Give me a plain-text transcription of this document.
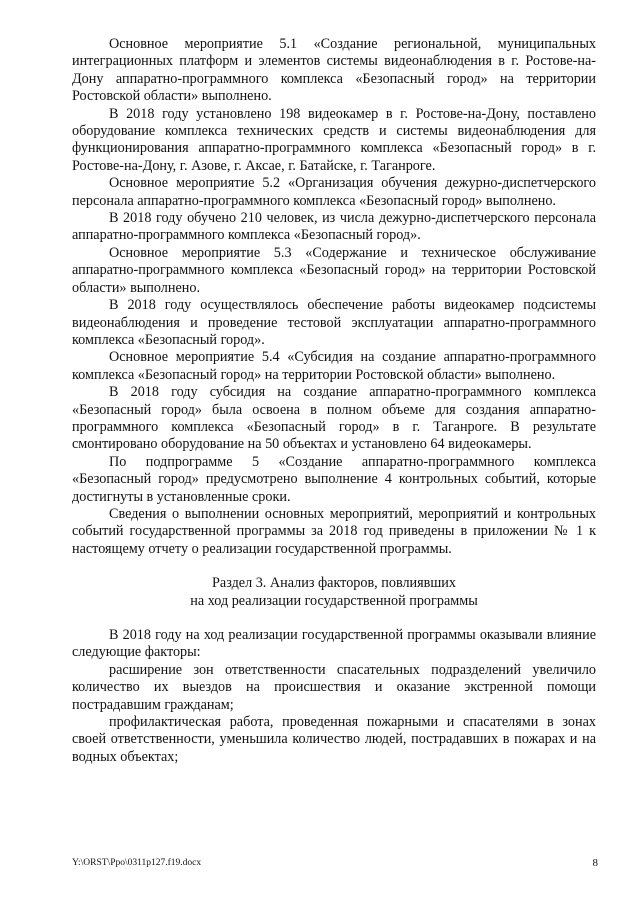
Основное мероприятие 5.1 «Создание региональной, муниципальных интеграционных платформ и элементов системы видеонаблюдения в г. Ростове-на-Дону аппаратно-программного комплекса «Безопасный город» на территории Ростовской области» выполнено.

В 2018 году установлено 198 видеокамер в г. Ростове-на-Дону, поставлено оборудование комплекса технических средств и системы видеонаблюдения для функционирования аппаратно-программного комплекса «Безопасный город» в г. Ростове-на-Дону, г. Азове, г. Аксае, г. Батайске, г. Таганроге.

Основное мероприятие 5.2 «Организация обучения дежурно-диспетчерского персонала аппаратно-программного комплекса «Безопасный город» выполнено.

В 2018 году обучено 210 человек, из числа дежурно-диспетчерского персонала аппаратно-программного комплекса «Безопасный город».

Основное мероприятие 5.3 «Содержание и техническое обслуживание аппаратно-программного комплекса «Безопасный город» на территории Ростовской области» выполнено.

В 2018 году осуществлялось обеспечение работы видеокамер подсистемы видеонаблюдения и проведение тестовой эксплуатации аппаратно-программного комплекса «Безопасный город».

Основное мероприятие 5.4 «Субсидия на создание аппаратно-программного комплекса «Безопасный город» на территории Ростовской области» выполнено.

В 2018 году субсидия на создание аппаратно-программного комплекса «Безопасный город» была освоена в полном объеме для создания аппаратно-программного комплекса «Безопасный город» в г. Таганроге. В результате смонтировано оборудование на 50 объектах и установлено 64 видеокамеры.

По подпрограмме 5 «Создание аппаратно-программного комплекса «Безопасный город» предусмотрено выполнение 4 контрольных событий, которые достигнуты в установленные сроки.

Сведения о выполнении основных мероприятий, мероприятий и контрольных событий государственной программы за 2018 год приведены в приложении № 1 к настоящему отчету о реализации государственной программы.

Раздел 3. Анализ факторов, повлиявших

на ход реализации государственной программы

В 2018 году на ход реализации государственной программы оказывали влияние следующие факторы:

расширение зон ответственности спасательных подразделений увеличило количество их выездов на происшествия и оказание экстренной помощи пострадавшим гражданам;

профилактическая работа, проведенная пожарными и спасателями в зонах своей ответственности, уменьшила количество людей, пострадавших в пожарах и на водных объектах;

Y:\ORST\Ppo\0311p127.f19.docx	8
